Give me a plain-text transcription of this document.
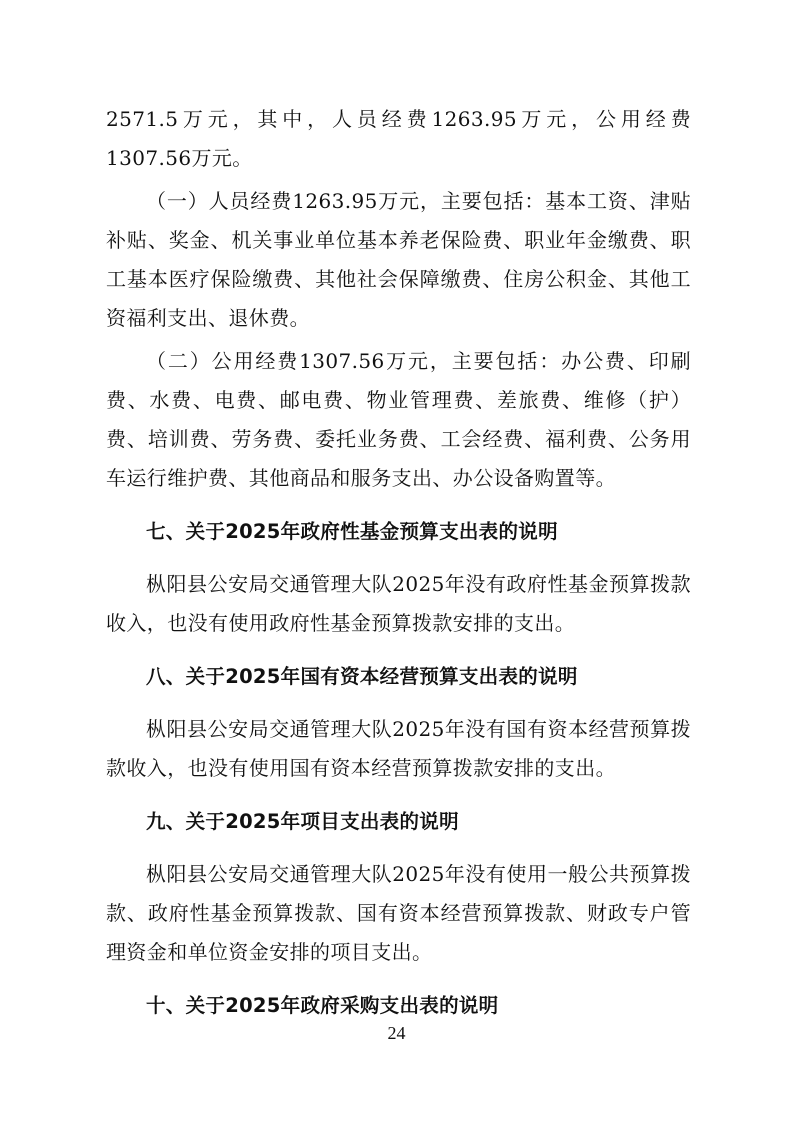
2571.5万元，其中，人员经费1263.95万元，公用经费1307.56万元。

（一）人员经费1263.95万元，主要包括：基本工资、津贴补贴、奖金、机关事业单位基本养老保险费、职业年金缴费、职工基本医疗保险缴费、其他社会保障缴费、住房公积金、其他工资福利支出、退休费。

（二）公用经费1307.56万元，主要包括：办公费、印刷费、水费、电费、邮电费、物业管理费、差旅费、维修（护）费、培训费、劳务费、委托业务费、工会经费、福利费、公务用车运行维护费、其他商品和服务支出、办公设备购置等。

七、关于2025年政府性基金预算支出表的说明

枞阳县公安局交通管理大队2025年没有政府性基金预算拨款收入，也没有使用政府性基金预算拨款安排的支出。

八、关于2025年国有资本经营预算支出表的说明

枞阳县公安局交通管理大队2025年没有国有资本经营预算拨款收入，也没有使用国有资本经营预算拨款安排的支出。

九、关于2025年项目支出表的说明

枞阳县公安局交通管理大队2025年没有使用一般公共预算拨款、政府性基金预算拨款、国有资本经营预算拨款、财政专户管理资金和单位资金安排的项目支出。

十、关于2025年政府采购支出表的说明

24
